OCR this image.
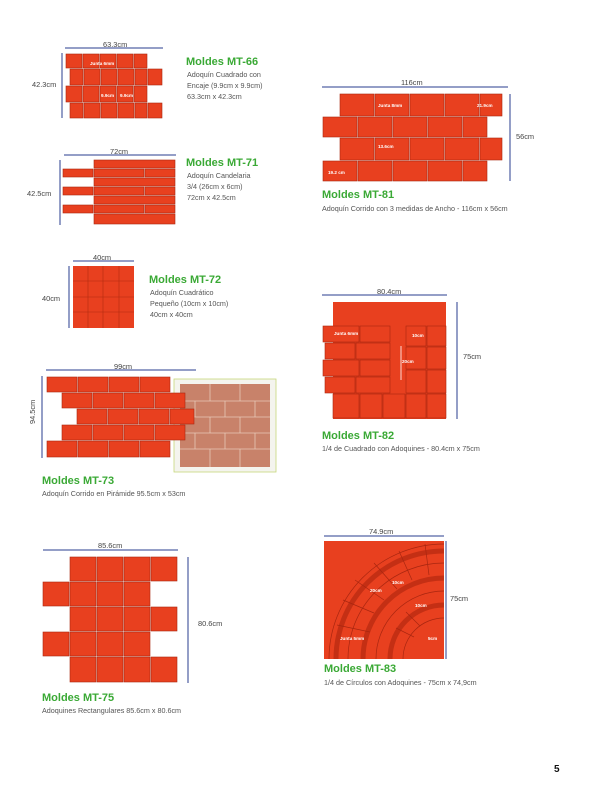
63.3cm
42.3cm
Junta 6mm
9.9cm 9.9cm
Moldes MT-66
Adoquín Cuadrado con
Encaje (9.9cm x 9.9cm)
63.3cm x 42.3cm
72cm
42.5cm
Moldes MT-71
Adoquín Candelaria
3/4 (26cm x 6cm)
72cm x 42.5cm
40cm
40cm
Moldes MT-72
Adoquín Cuadrático
Pequeño (10cm x 10cm)
40cm x 40cm
99cm
94.5cm
Moldes MT-73
Adoquín Corrido en Pirámide 95.5cm x 53cm
85.6cm
80.6cm
Moldes MT-75
Adoquines Rectangulares 85.6cm x 80.6cm
116cm
56cm
Junta 8mm	21.9cm
13.6cm
19.2 cm
Moldes MT-81
Adoquín Corrido con 3 medidas de Ancho - 116cm x 56cm
80.4cm
75cm
Junta 6mm	10cm
20cm
Moldes MT-82
1/4 de Cuadrado con Adoquines - 80.4cm x 75cm
74.9cm
75cm
10cm
20cm
10cm
Junta 5mm	5cm
Moldes MT-83
1/4 de Círculos con Adoquines - 75cm x 74,9cm
5
